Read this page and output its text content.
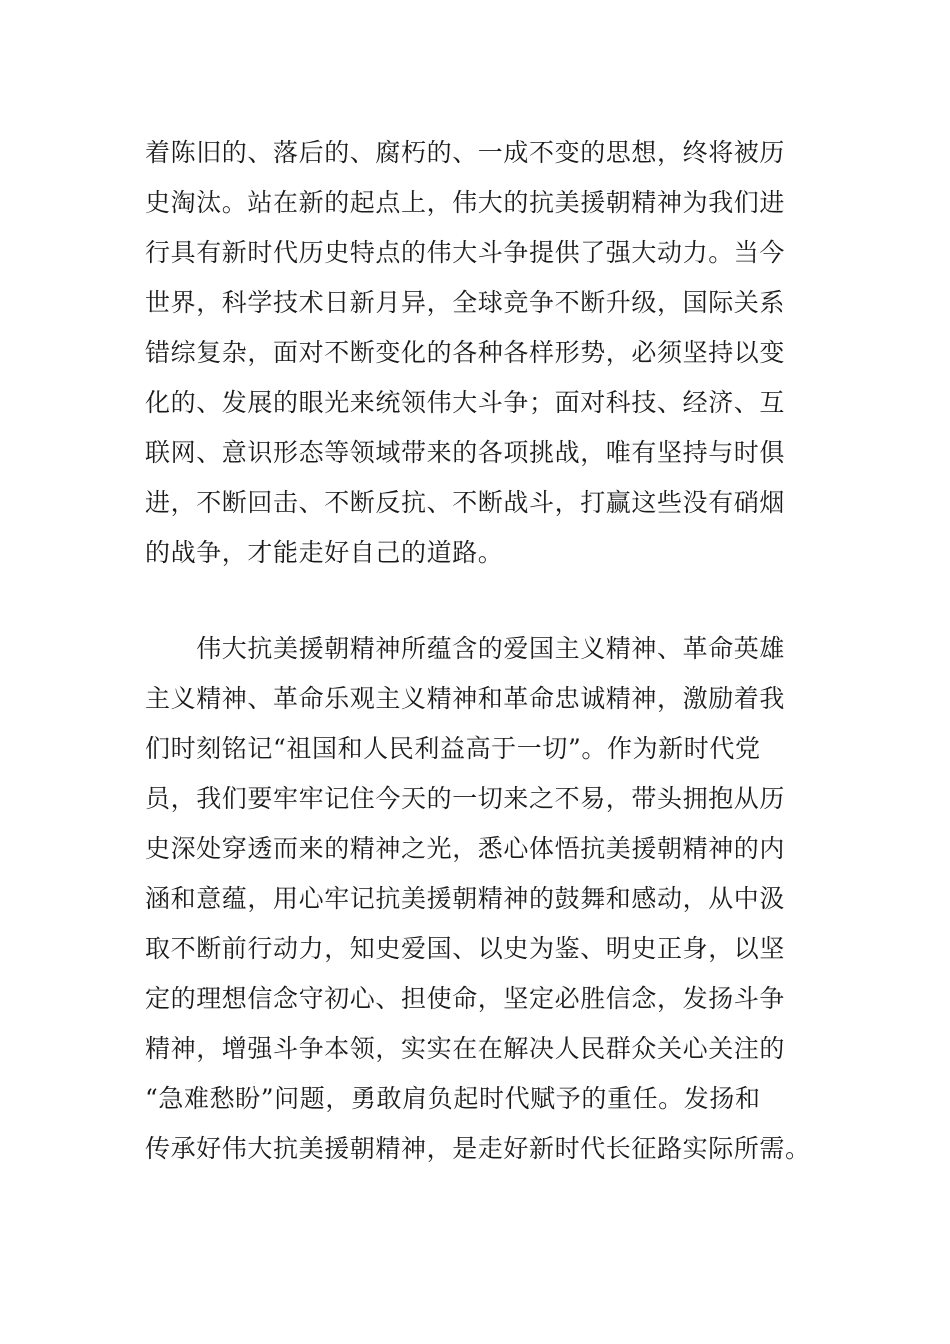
着陈旧的、落后的、腐朽的、一成不变的思想，终将被历
史淘汰。站在新的起点上，伟大的抗美援朝精神为我们进
行具有新时代历史特点的伟大斗争提供了强大动力。当今
世界，科学技术日新月异，全球竞争不断升级，国际关系
错综复杂，面对不断变化的各种各样形势，必须坚持以变
化的、发展的眼光来统领伟大斗争；面对科技、经济、互
联网、意识形态等领域带来的各项挑战，唯有坚持与时俱
进，不断回击、不断反抗、不断战斗，打赢这些没有硝烟
的战争，才能走好自己的道路。
　　伟大抗美援朝精神所蕴含的爱国主义精神、革命英雄
主义精神、革命乐观主义精神和革命忠诚精神，激励着我
们时刻铭记“祖国和人民利益高于一切”。作为新时代党
员，我们要牢牢记住今天的一切来之不易，带头拥抱从历
史深处穿透而来的精神之光，悉心体悟抗美援朝精神的内
涵和意蕴，用心牢记抗美援朝精神的鼓舞和感动，从中汲
取不断前行动力，知史爱国、以史为鉴、明史正身，以坚
定的理想信念守初心、担使命，坚定必胜信念，发扬斗争
精神，增强斗争本领，实实在在解决人民群众关心关注的
“急难愁盼”问题，勇敢肩负起时代赋予的重任。发扬和
传承好伟大抗美援朝精神，是走好新时代长征路实际所需。
